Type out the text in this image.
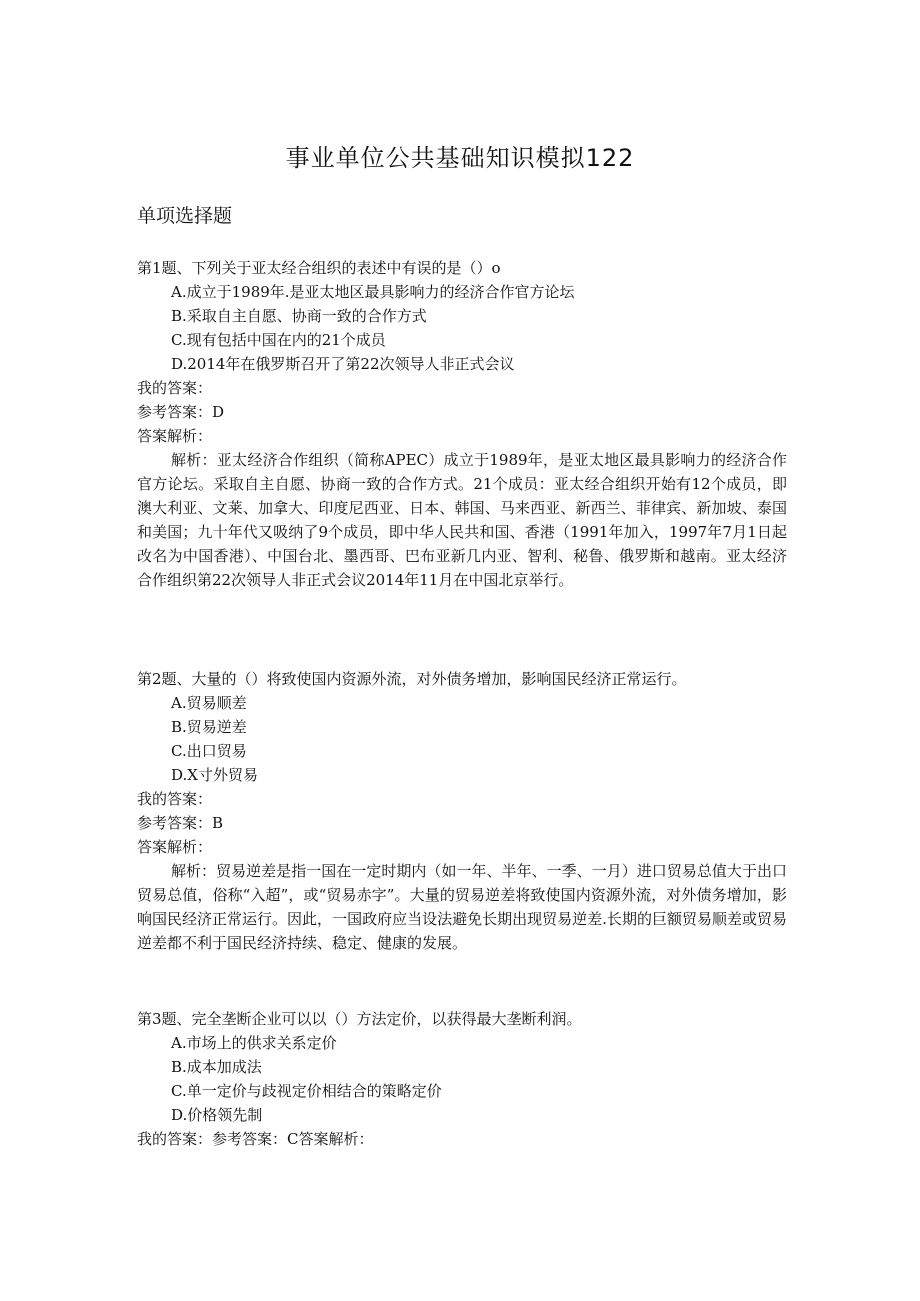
事业单位公共基础知识模拟122
单项选择题
第1题、下列关于亚太经合组织的表述中有误的是（）o
A.成立于1989年.是亚太地区最具影响力的经济合作官方论坛
B.采取自主自愿、协商一致的合作方式
C.现有包括中国在内的21个成员
D.2014年在俄罗斯召开了第22次领导人非正式会议
我的答案：
参考答案：D
答案解析：
解析：亚太经济合作组织（简称APEC）成立于1989年，是亚太地区最具影响力的经济合作官方论坛。采取自主自愿、协商一致的合作方式。21个成员：亚太经合组织开始有12个成员，即澳大利亚、文莱、加拿大、印度尼西亚、日本、韩国、马来西亚、新西兰、菲律宾、新加坡、泰国和美国；九十年代又吸纳了9个成员，即中华人民共和国、香港（1991年加入，1997年7月1日起改名为中国香港）、中国台北、墨西哥、巴布亚新几内亚、智利、秘鲁、俄罗斯和越南。亚太经济合作组织第22次领导人非正式会议2014年11月在中国北京举行。
第2题、大量的（）将致使国内资源外流，对外债务增加，影响国民经济正常运行。
A.贸易顺差
B.贸易逆差
C.出口贸易
D.X寸外贸易
我的答案：
参考答案：B
答案解析：
解析：贸易逆差是指一国在一定时期内（如一年、半年、一季、一月）进口贸易总值大于出口贸易总值，俗称“入超”，或“贸易赤字”。大量的贸易逆差将致使国内资源外流，对外债务增加，影响国民经济正常运行。因此，一国政府应当设法避免长期出现贸易逆差.长期的巨额贸易顺差或贸易逆差都不利于国民经济持续、稳定、健康的发展。
第3题、完全垄断企业可以以（）方法定价，以获得最大垄断利润。
A.市场上的供求关系定价
B.成本加成法
C.单一定价与歧视定价相结合的策略定价
D.价格领先制
我的答案：参考答案：C答案解析：
